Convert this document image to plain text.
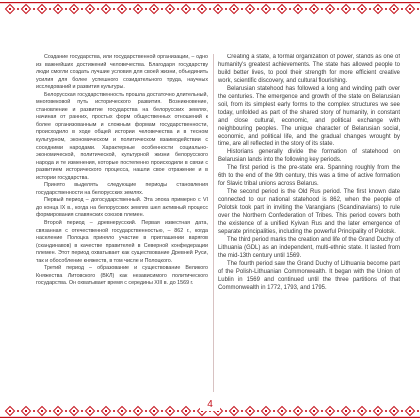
Создание государства, или государственной организации, – одно из важнейших достижений человечества. Благодаря государству люди смогли создать лучшие условия для своей жизни, объединить усилия для более успешного созидательного труда, научных исследований и развития культуры.

Белорусская государственность прошла достаточно длительный, многовековой путь исторического развития. Возникновение, становление и развитие государства на белорусских землях, начиная от ранних, простых форм общественных отношений к более организованным и сложным формам государственности, происходило в ходе общей истории человечества и в тесном культурном, экономическом и политическом взаимодействии с соседними народами. Характерные особенности социально-экономической, политической, культурной жизни белорусского народа и те изменения, которые постепенно происходили в связи с развитием исторического процесса, нашли свое отражение и в истории государства.

Принято выделять следующие периоды становления государственности на белорусских землях.

Первый период – догосударственный. Эта эпоха примерно с VI до конца IX в., когда на белорусских землях шел активный процесс формирования славянских союзов племен.

Второй период – древнерусский. Первая известная дата, связанная с отечественной государственностью, – 862 г., когда население Полоцка приняло участие в приглашении варягов (скандинавов) в качестве правителей в Северной конфедерации племен. Этот период охватывает как существование Древней Руси, так и обособление княжеств, в том числе и Полоцкого.

Третий период – образование и существование Великого Княжества Литовского (ВКЛ) как независимого политического государства. Он охватывает время с середины XIII в. до 1569 г.

Creating a state, a formal organization of power, stands as one of humanity's greatest achievements. The state has allowed people to build better lives, to pool their strength for more efficient creative work, scientific discovery, and cultural flourishing.

Belarusian statehood has followed a long and winding path over the centuries. The emergence and growth of the state on Belarusian soil, from its simplest early forms to the complex structures we see today, unfolded as part of the shared story of humanity, in constant and close cultural, economic, and political exchange with neighbouring peoples. The unique character of Belarusian social, economic, and political life, and the gradual changes wrought by time, are all reflected in the story of its state.

Historians generally divide the formation of statehood on Belarusian lands into the following key periods.

The first period is the pre-state era. Spanning roughly from the 6th to the end of the 9th century, this was a time of active formation for Slavic tribal unions across Belarus.

The second period is the Old Rus period. The first known date connected to our national statehood is 862, when the people of Polotsk took part in inviting the Varangians (Scandinavians) to rule over the Northern Confederation of Tribes. This period covers both the existence of a unified Kyivan Rus and the later emergence of separate principalities, including the powerful Principality of Polotsk.

The third period marks the creation and life of the Grand Duchy of Lithuania (GDL) as an independent, multi-ethnic state. It lasted from the mid-13th century until 1569.

The fourth period saw the Grand Duchy of Lithuania become part of the Polish-Lithuanian Commonwealth. It began with the Union of Lublin in 1569 and continued until the three partitions of that Commonwealth in 1772, 1793, and 1795.

4
